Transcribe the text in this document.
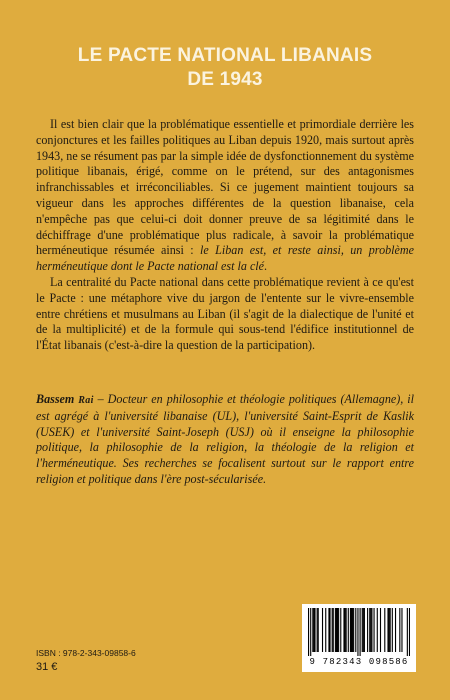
LE PACTE NATIONAL LIBANAIS
DE 1943

Il est bien clair que la problématique essentielle et primordiale derrière les conjonctures et les failles politiques au Liban depuis 1920, mais surtout après 1943, ne se résument pas par la simple idée de dysfonctionnement du système politique libanais, érigé, comme on le prétend, sur des antagonismes infranchissables et irréconciliables. Si ce jugement maintient toujours sa vigueur dans les approches différentes de la question libanaise, cela n'empêche pas que celui-ci doit donner preuve de sa légitimité dans le déchiffrage d'une problématique plus radicale, à savoir la problématique herméneutique résumée ainsi : le Liban est, et reste ainsi, un problème herméneutique dont le Pacte national est la clé.

La centralité du Pacte national dans cette problématique revient à ce qu'est le Pacte : une métaphore vive du jargon de l'entente sur le vivre-ensemble entre chrétiens et musulmans au Liban (il s'agit de la dialectique de l'unité et de la multiplicité) et de la formule qui sous-tend l'édifice institutionnel de l'État libanais (c'est-à-dire la question de la participation).

Bassem Rai – Docteur en philosophie et théologie politiques (Allemagne), il est agrégé à l'université libanaise (UL), l'université Saint-Esprit de Kaslik (USEK) et l'université Saint-Joseph (USJ) où il enseigne la philosophie politique, la philosophie de la religion, la théologie de la religion et l'herméneutique. Ses recherches se focalisent surtout sur le rapport entre religion et politique dans l'ère post-sécularisée.

ISBN : 978-2-343-09858-6
31 €	9 782343 098586
